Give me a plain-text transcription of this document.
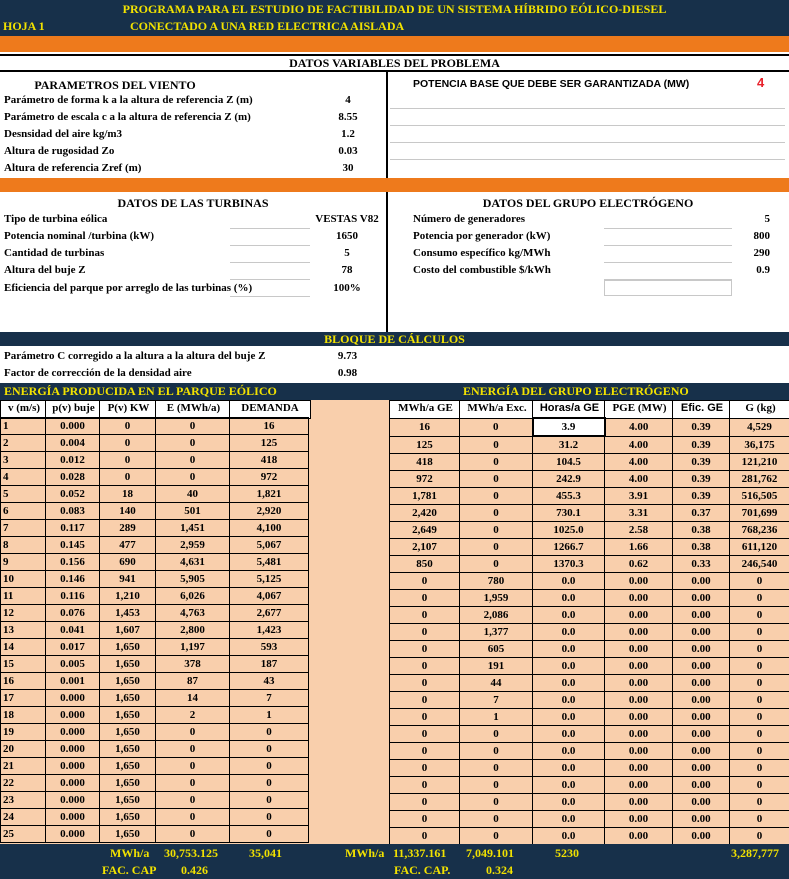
PROGRAMA PARA EL ESTUDIO DE FACTIBILIDAD DE UN SISTEMA HÍBRIDO EÓLICO-DIESEL
HOJA 1	CONECTADO A UNA RED ELECTRICA AISLADA
DATOS VARIABLES DEL PROBLEMA
PARAMETROS DEL VIENTO
Parámetro de forma k a la altura de referencia Z (m)	4
Parámetro de escala c a la altura de referencia Z (m)	8.55
Desnsidad del aire kg/m3	1.2
Altura de rugosidad Zo	0.03
Altura de referencia Zref (m)	30
POTENCIA BASE QUE DEBE SER GARANTIZADA (MW)	4
DATOS DE LAS TURBINAS	DATOS DEL GRUPO ELECTRÓGENO
Tipo de turbina eólica	VESTAS V82
Potencia nominal /turbina (kW)	1650
Cantidad de turbinas	5
Altura del buje Z	78
Eficiencia del parque por arreglo de las turbinas (%)	100%
Número de generadores	5
Potencia por generador (kW)	800
Consumo específico kg/MWh	290
Costo del combustible $/kWh	0.9
BLOQUE DE CÁLCULOS
Parámetro C corregido a la altura a la altura del buje Z	9.73
Factor de corrección de la densidad aire	0.98
ENERGÍA PRODUCIDA EN EL PARQUE EÓLICO	ENERGÍA DEL GRUPO ELECTRÓGENO
v (m/s)	p(v) buje	P(v) KW	E (MWh/a)	DEMANDA	MWh/a GE	MWh/a Exc.	Horas/a GE	PGE (MW)	Efic. GE	G (kg)
1	0.000	0	0	16
2	0.004	0	0	125
3	0.012	0	0	418
4	0.028	0	0	972
5	0.052	18	40	1,821
6	0.083	140	501	2,920
7	0.117	289	1,451	4,100
8	0.145	477	2,959	5,067
9	0.156	690	4,631	5,481
10	0.146	941	5,905	5,125
11	0.116	1,210	6,026	4,067
12	0.076	1,453	4,763	2,677
13	0.041	1,607	2,800	1,423
14	0.017	1,650	1,197	593
15	0.005	1,650	378	187
16	0.001	1,650	87	43
17	0.000	1,650	14	7
18	0.000	1,650	2	1
19	0.000	1,650	0	0
20	0.000	1,650	0	0
21	0.000	1,650	0	0
22	0.000	1,650	0	0
23	0.000	1,650	0	0
24	0.000	1,650	0	0
25	0.000	1,650	0	0
16	0	3.9	4.00	0.39	4,529
125	0	31.2	4.00	0.39	36,175
418	0	104.5	4.00	0.39	121,210
972	0	242.9	4.00	0.39	281,762
1,781	0	455.3	3.91	0.39	516,505
2,420	0	730.1	3.31	0.37	701,699
2,649	0	1025.0	2.58	0.38	768,236
2,107	0	1266.7	1.66	0.38	611,120
850	0	1370.3	0.62	0.33	246,540
0	780	0.0	0.00	0.00	0
0	1,959	0.0	0.00	0.00	0
0	2,086	0.0	0.00	0.00	0
0	1,377	0.0	0.00	0.00	0
0	605	0.0	0.00	0.00	0
0	191	0.0	0.00	0.00	0
0	44	0.0	0.00	0.00	0
0	7	0.0	0.00	0.00	0
0	1	0.0	0.00	0.00	0
0	0	0.0	0.00	0.00	0
0	0	0.0	0.00	0.00	0
0	0	0.0	0.00	0.00	0
0	0	0.0	0.00	0.00	0
0	0	0.0	0.00	0.00	0
0	0	0.0	0.00	0.00	0
0	0	0.0	0.00	0.00	0
MWh/a 30,753.125	35,041	MWh/a 11,337.161 7,049.101	5230	3,287,777
FAC. CAP 0.426	FAC. CAP.	0.324
